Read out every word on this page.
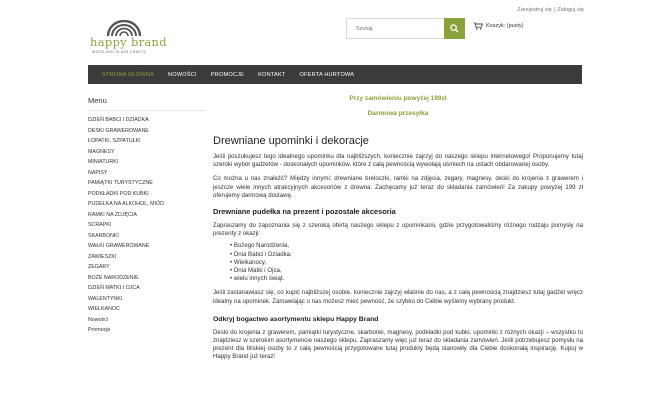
Zarejestruj się | Zaloguj się
happy brand
WOOD AND GLASS CRAFTS
Szukaj
Koszyk: (pusty)
STRONA GŁÓWNA	NOWOŚCI	PROMOCJE	KONTAKT	OFERTA HURTOWA
Menu
DZIEŃ BABCI I DZIADKA
DESKI GRAWEROWANE
ŁOPATKI, SZPATUŁKI
MAGNESY
MINIATURKI
NAPISY
PAMIĄTKI TURYSTYCZNE
PODKŁADKI POD KUBKI
PUDEŁKA NA ALKOHOL, MIÓD
RAMKI NA ZDJĘCIA
SCRAPKI
SKARBONKI
WAŁKI GRAWEROWANE
ZAWIESZKI
ZEGARY
BOŻE NARODZENIE
DZIEŃ MATKI I OJCA
WALENTYNKI
WIELKANOC
Nowości
Promocje
Przy zamówieniu powyżej 199zł
Darmowa przesyłka
Drewniane upominki i dekoracje

Jeśli poszukujesz tego idealnego upominku dla najbliższych, koniecznie zajrzyj do naszego sklepu internetowego! Proponujemy tutaj szeroki wybór gadżetów - doskonałych upominków, które z całą pewnością wywołają uśmiech na ustach obdarowanej osoby.

Co można u nas znaleźć? Między innymi: drewniane breloczki, ramki na zdjęcia, zegary, magnesy, deski do krojenia z grawerem i jeszcze wiele innych atrakcyjnych akcesoriów z drewna. Zachęcamy już teraz do składania zamówień! Za zakupy powyżej 199 zł oferujemy darmową dostawę.

Drewniane pudełka na prezent i pozostałe akcesoria

Zapraszamy do zapoznania się z szeroką ofertą naszego sklepu z upominkami, gdzie przygotowaliśmy różnego rodzaju pomysły na prezenty z okazji:

• Bożego Narodzenia,
• Dnia Babci i Dziadka,
• Wielkanocy,
• Dnia Matki i Ojca,
• wielu innych świąt.

Jeśli zastanawiasz się, co kupić najbliższej osobie, koniecznie zajrzyj właśnie do nas, a z całą pewnością znajdziesz tutaj gadżet wręcz idealny na upominek. Zamawiając u nas możesz mieć pewność, że szybko do Ciebie wyślemy wybrany produkt.

Odkryj bogactwo asortymentu sklepu Happy Brand

Deski do krojenia z grawerem, pamiątki turystyczne, skarbonki, magnesy, podkładki pod kubki, upominki z różnych okazji – wszystko to znajdziesz w szerokim asortymencie naszego sklepu. Zapraszamy więc już teraz do składania zamówień. Jeśli potrzebujesz pomysłu na prezent dla bliskiej osoby to z całą pewnością przygotowane tutaj produkty będą stanowiły dla Ciebie doskonałą inspirację. Kupuj w Happy Brand już teraz!
